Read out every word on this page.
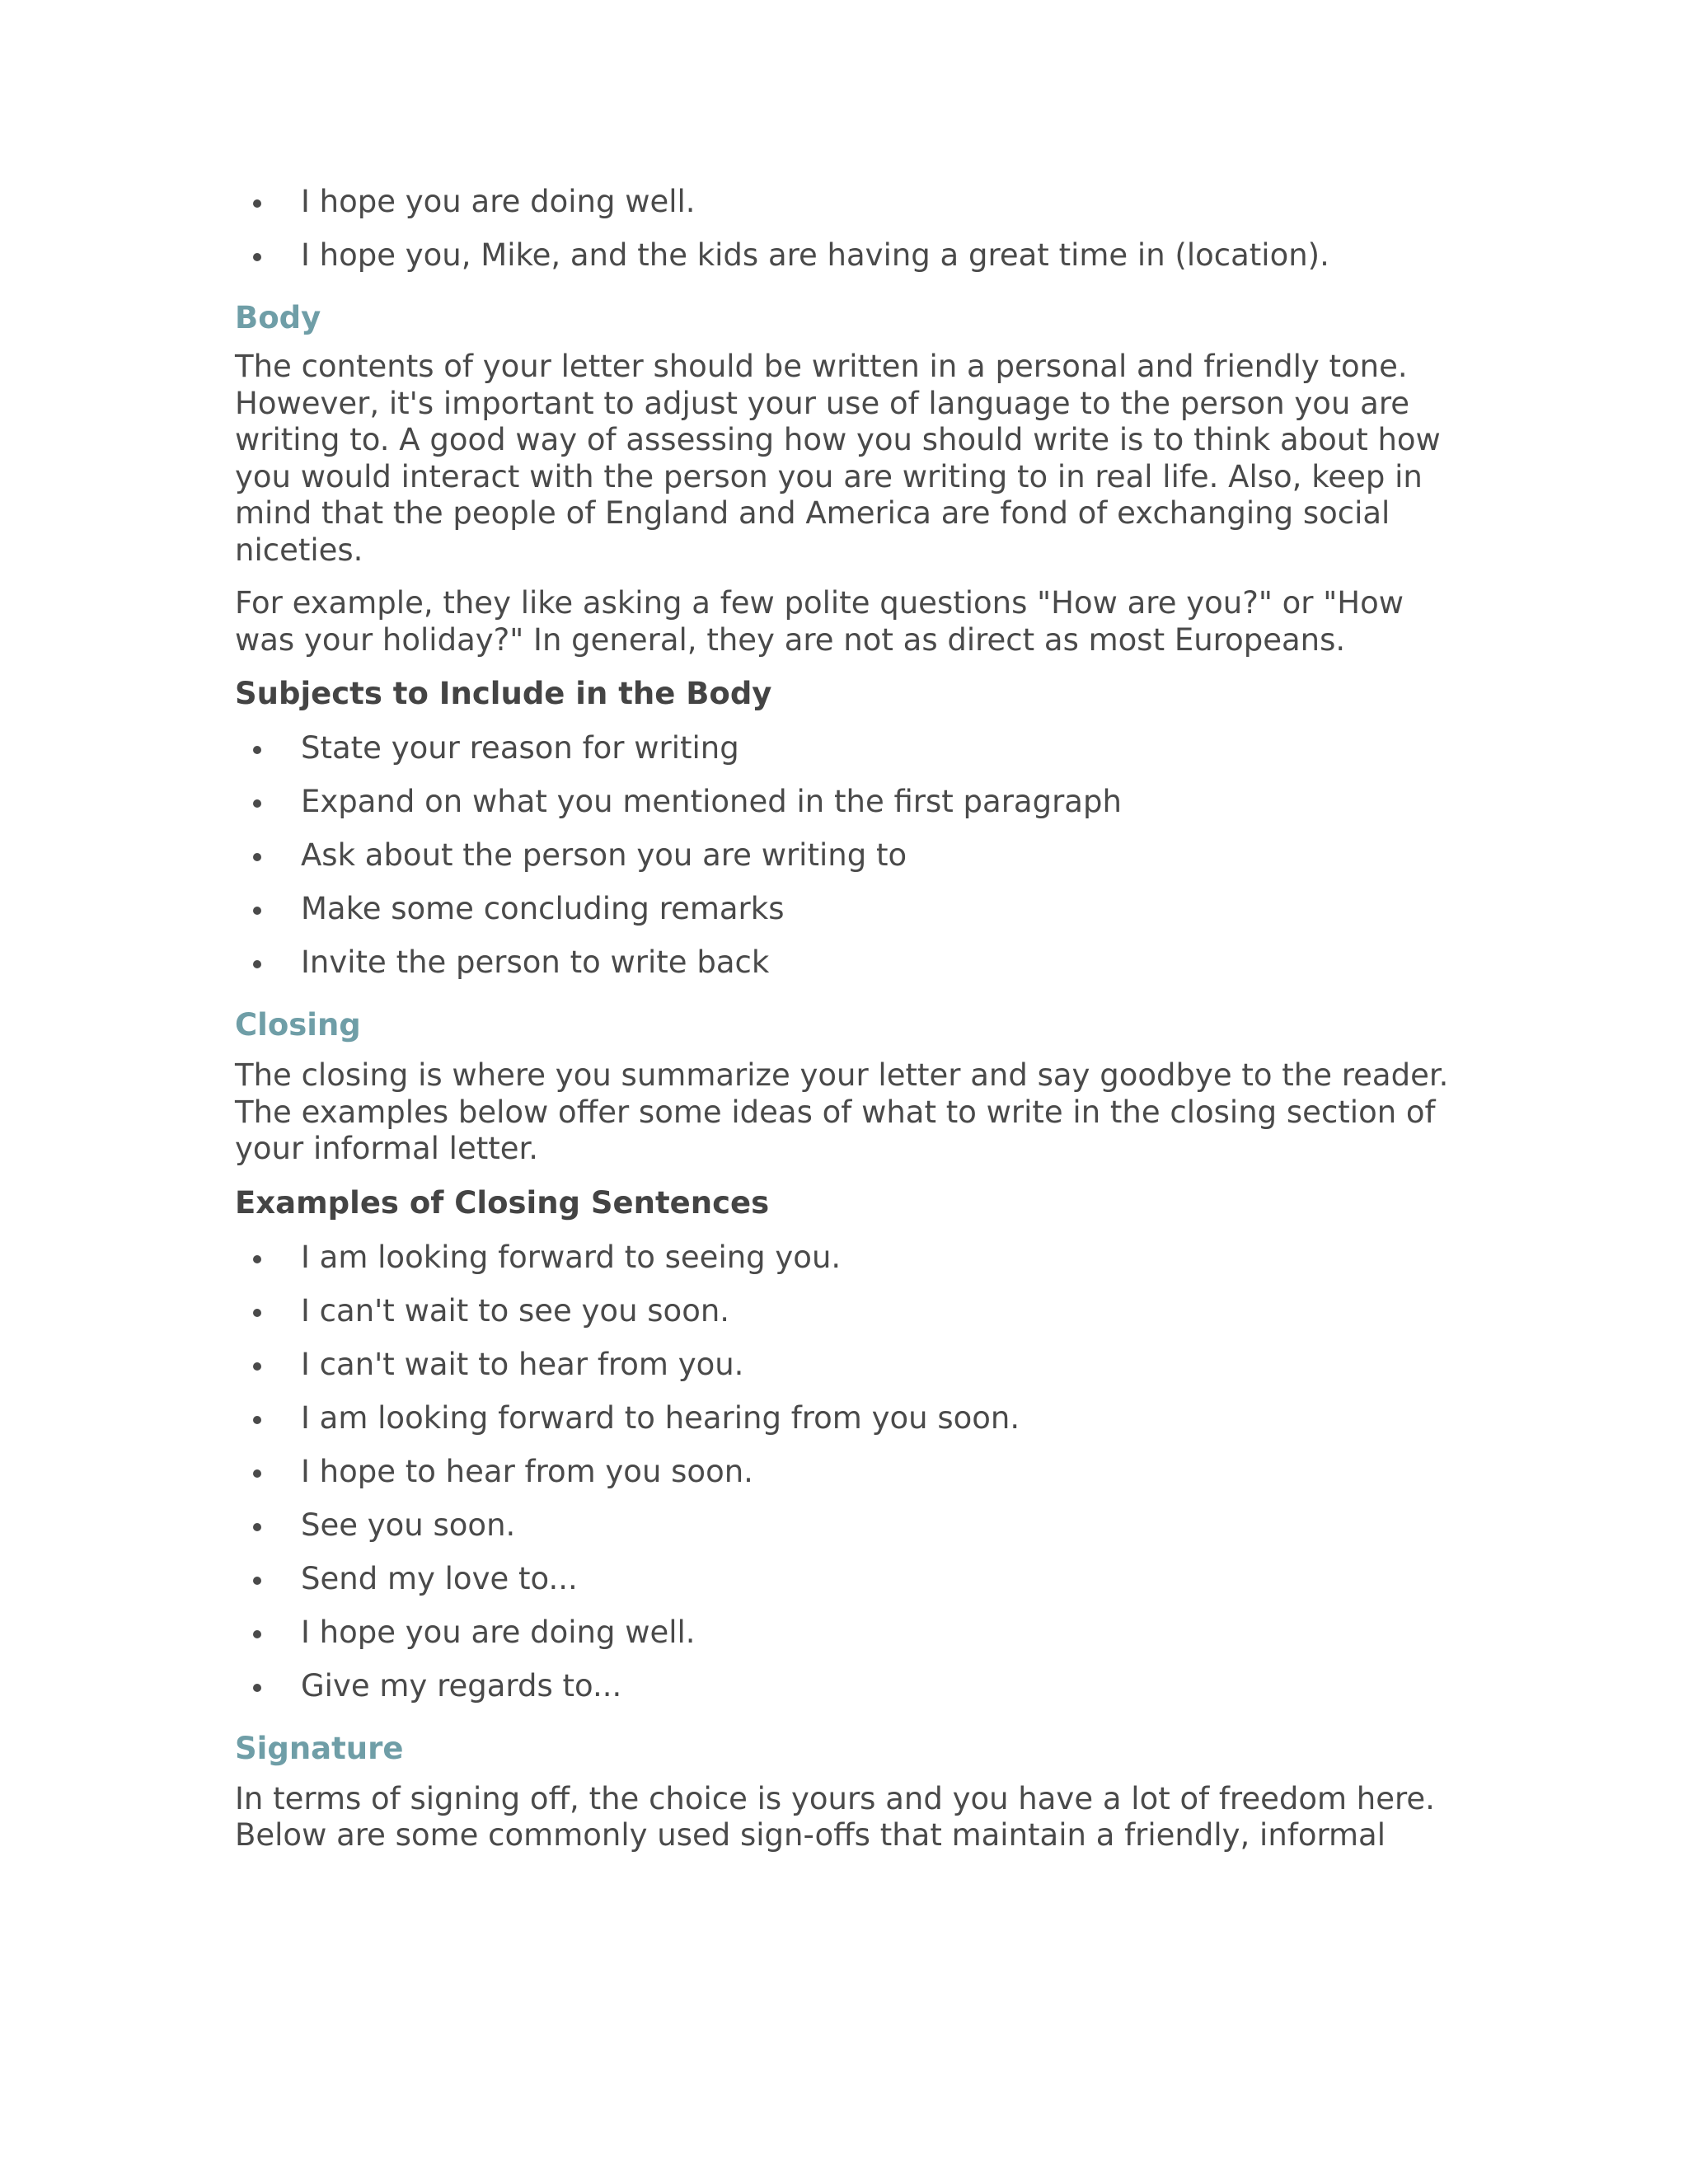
I hope you are doing well.
I hope you, Mike, and the kids are having a great time in (location).
Body

The contents of your letter should be written in a personal and friendly tone.
However, it's important to adjust your use of language to the person you are
writing to. A good way of assessing how you should write is to think about how
you would interact with the person you are writing to in real life. Also, keep in
mind that the people of England and America are fond of exchanging social
niceties.

For example, they like asking a few polite questions "How are you?" or "How
was your holiday?" In general, they are not as direct as most Europeans.

Subjects to Include in the Body
State your reason for writing
Expand on what you mentioned in the first paragraph
Ask about the person you are writing to
Make some concluding remarks
Invite the person to write back
Closing

The closing is where you summarize your letter and say goodbye to the reader.
The examples below offer some ideas of what to write in the closing section of
your informal letter.

Examples of Closing Sentences
I am looking forward to seeing you.
I can't wait to see you soon.
I can't wait to hear from you.
I am looking forward to hearing from you soon.
I hope to hear from you soon.
See you soon.
Send my love to...
I hope you are doing well.
Give my regards to...
Signature

In terms of signing off, the choice is yours and you have a lot of freedom here.
Below are some commonly used sign-offs that maintain a friendly, informal
